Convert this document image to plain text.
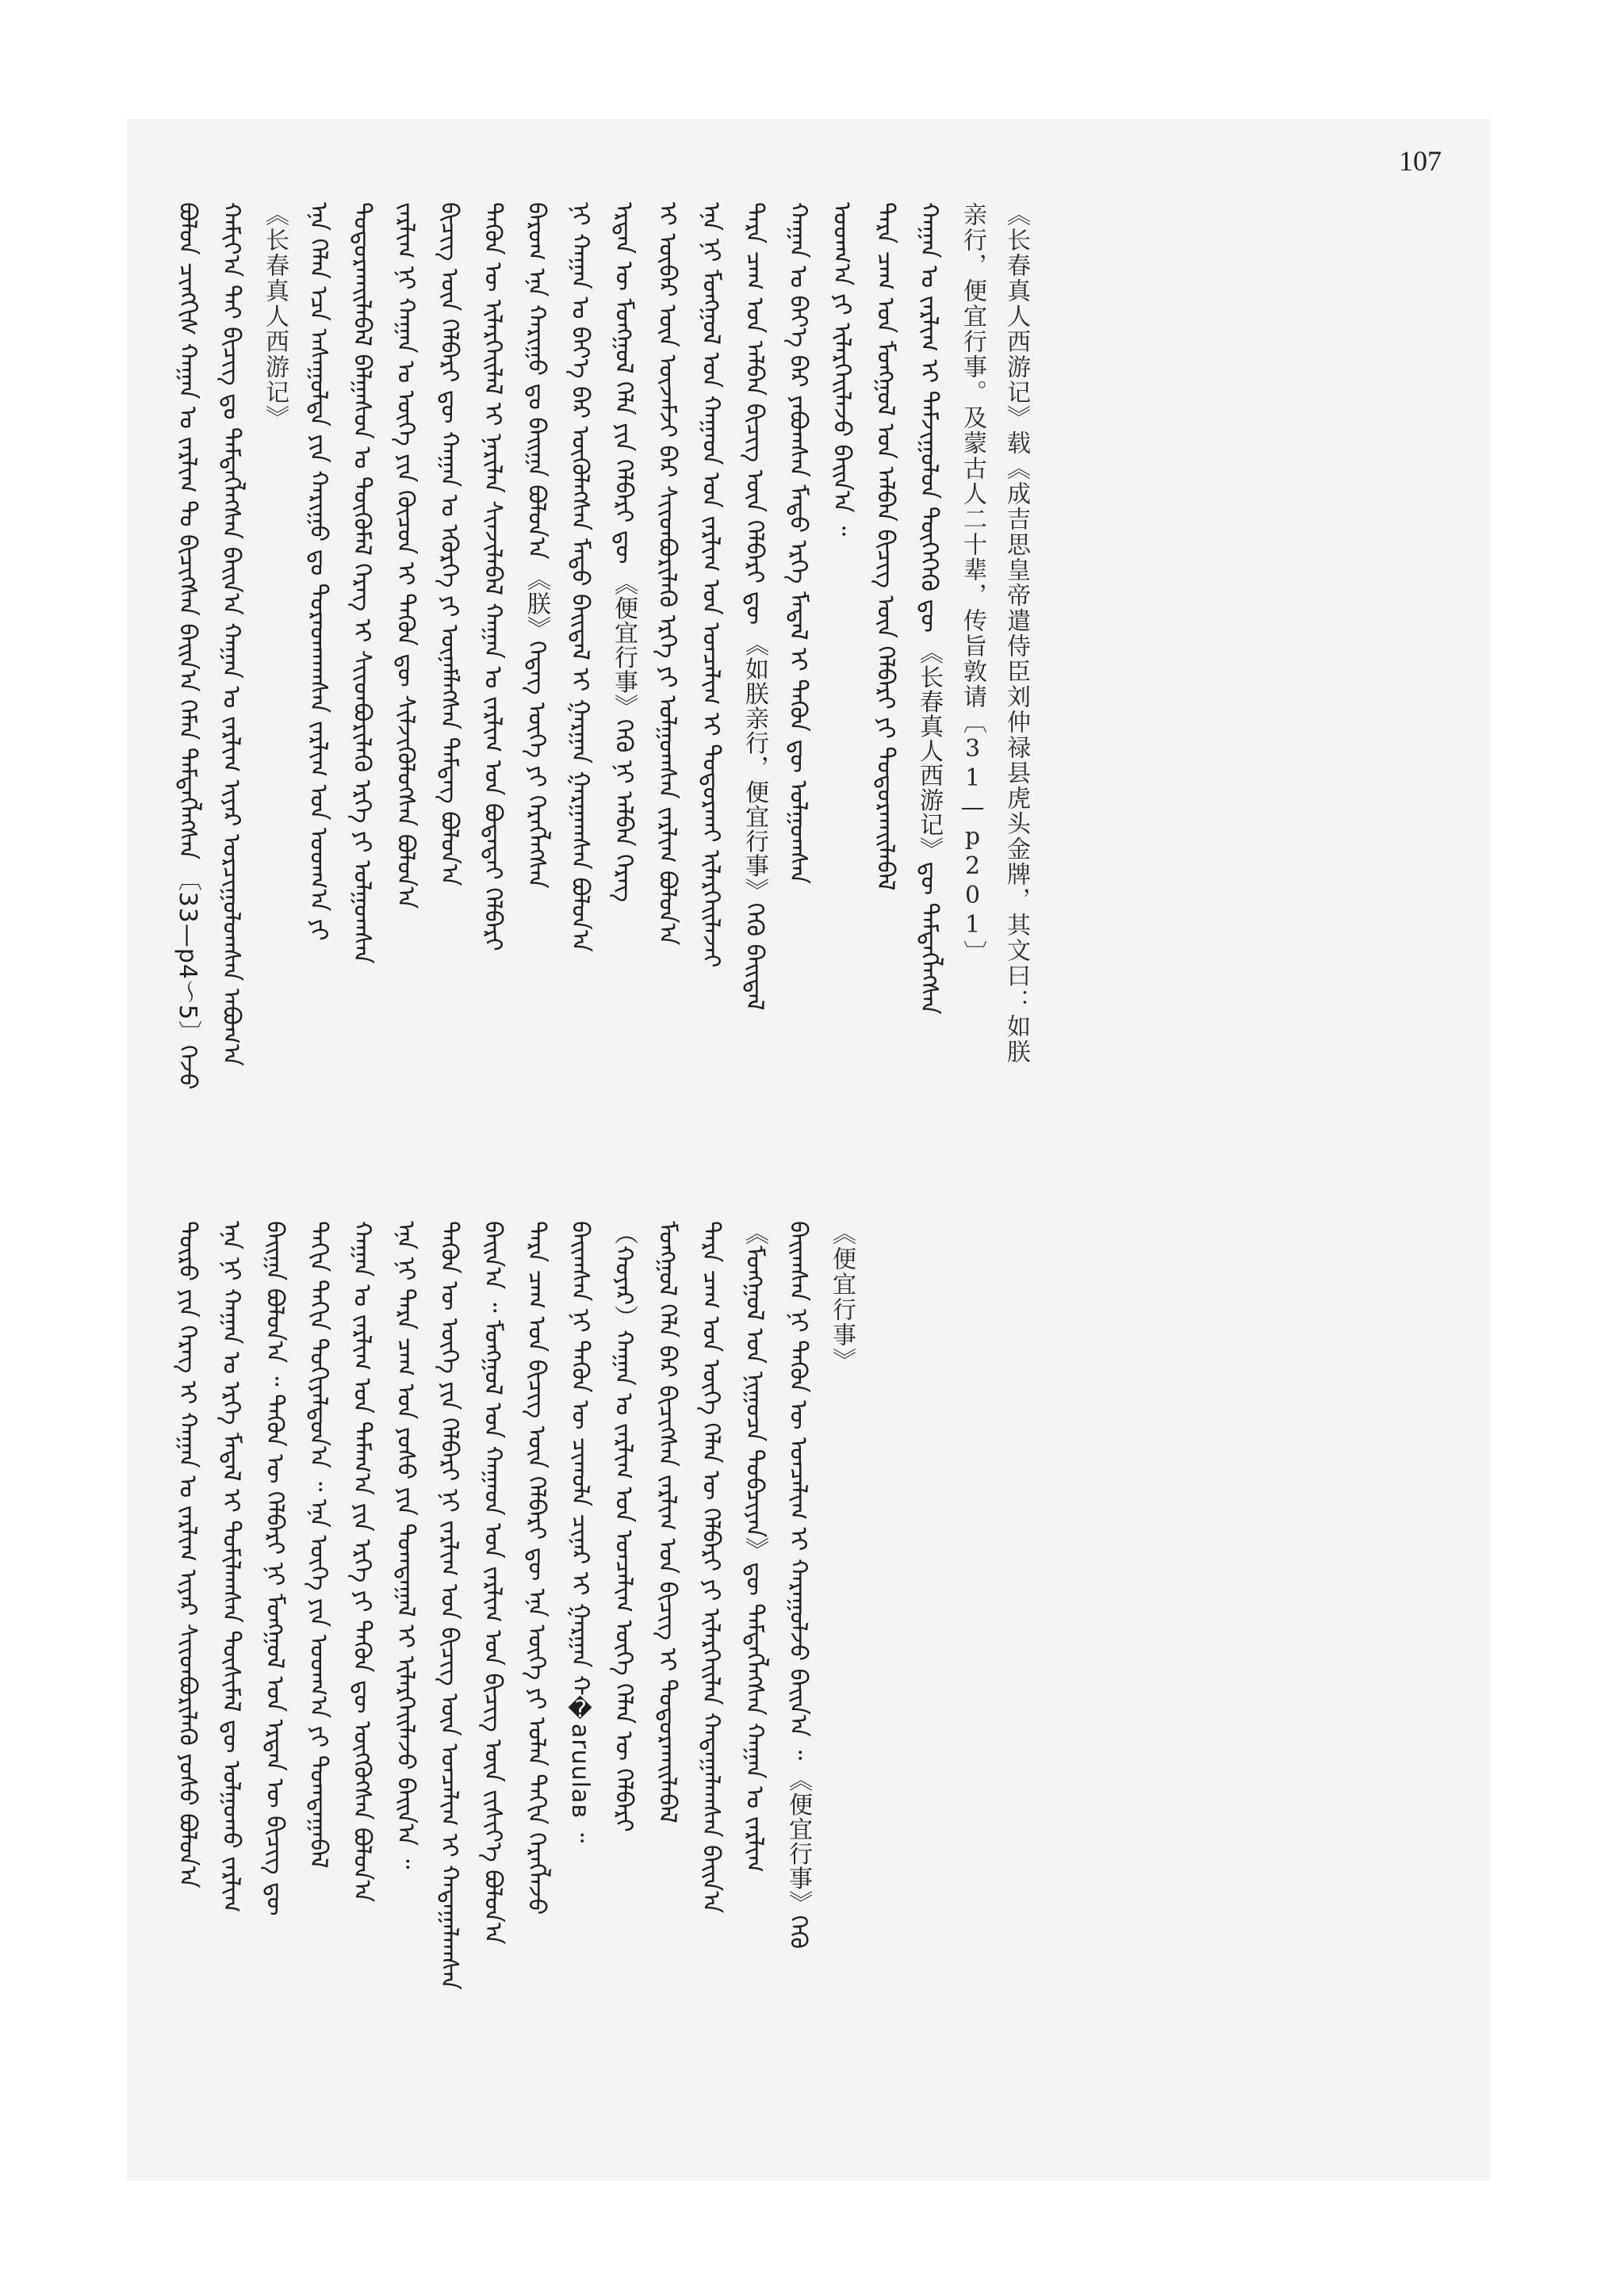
107
ᠪᠣᠯᠤᠨ ᠴᠢᠩᠭᠢᠰ ᠬᠠᠭᠠᠨ ᠤ ᠵᠠᠷᠯᠢᠭ ᠲᠤ ᠪᠢᠴᠢᠭᠰᠡᠨ ᠪᠠᠢᠨ᠎ᠠ ᠬᠡᠮᠡᠨ ᠲᠡᠮᠳᠡᠭᠯᠡᠭᠰᠡᠨ 〔33—p4～5〕ᠭᠡᠵᠦ ᠬᠠᠮᠢᠶ᠎ᠠ ᠲᠠᠢ ᠪᠢᠴᠢᠭ ᠳᠤ ᠲᠡᠮᠳᠡᠭᠯᠡᠭᠰᠡᠨ ᠪᠠᠢᠨ᠎ᠠ ᠬᠠᠭᠠᠨ ᠤ ᠵᠠᠷᠯᠢᠭ ᠢᠶᠡᠷ ᠣᠷᠴᠢᠭᠤᠯᠤᠭᠰᠠᠨ ᠠᠪᠤᠭ᠎ᠠ 《长春真人西游记》 ᠡᠨᠡ ᠬᠡᠯᠡᠨ ᠡᠴᠡ ᠠᠰᠠᠭᠤᠯᠲᠠ ᠶᠢᠨ ᠬᠠᠷᠢᠭᠤ ᠳᠤ ᠳᠤᠷᠠᠳᠬᠠᠭᠰᠠᠨ ᠵᠠᠷᠯᠢᠭ ᠤᠨ ᠤᠳᠬ᠎ᠠ ᠶᠢ ᠲᠣᠳᠣᠷᠬᠠᠢᠯᠠᠪᠠᠯ ᠪᠠᠯᠭᠠᠰᠤᠨ ᠤ ᠲᠦᠭᠦᠮᠡᠯ ᠬᠡᠷᠡᠭ ᠢ ᠰᠢᠢᠳᠪᠦᠷᠢᠯᠡᠬᠦ ᠡᠷᠬᠡ ᠶᠢ ᠣᠯᠭᠤᠭᠰᠠᠨ ᠵᠠᠷᠯᠢᠭ ᠨᠢ ᠬᠠᠭᠠᠨ ᠤ ᠦᠭᠡ ᠶᠢᠨ ᠬᠦᠴᠦᠨ ᠢ ᠲᠡᠭᠦᠨ ᠳᠦ ᠰᠢᠯᠵᠢᠭᠦᠯᠦᠭᠰᠡᠨ ᠪᠣᠯᠤᠨ᠎ᠠ ᠪᠢᠴᠢᠭ ᠦᠨ ᠬᠡᠯᠪᠡᠷᠢ ᠳᠦ ᠬᠠᠭᠠᠨ ᠤ ᠡᠭᠦᠷᠭᠡ ᠶᠢ ᠦᠨᠡᠮᠯᠡᠭᠰᠡᠨ ᠲᠡᠮᠳᠡᠭ ᠪᠣᠯᠤᠨ᠎ᠠ ᠲᠡᠭᠦᠨ ᠦ ᠢᠯᠡᠷᠬᠡᠢᠯᠡᠯ ᠢ ᠨᠠᠷᠢᠯᠠᠨ ᠰᠢᠨᠵᠢᠯᠡᠪᠡᠯ ᠬᠠᠭᠠᠨ ᠤ ᠵᠠᠷᠯᠢᠭ ᠤᠨ ᠪᠣᠳᠠᠲᠠᠢ ᠬᠡᠯᠪᠡᠷᠢ ᠪᠠᠷᠤᠭ ᠡᠨᠡ ᠬᠠᠷᠢᠭᠤ ᠳᠤ ᠪᠠᠢᠭᠠ ᠪᠣᠯᠤᠨ᠎ᠠ 《朕》ᠭᠡᠳᠡᠭ ᠦᠭᠡ ᠶᠢ ᠬᠡᠷᠡᠭᠯᠡᠭᠰᠡᠨ ᠨᠢ ᠬᠠᠭᠠᠨ ᠤ ᠪᠡᠶ᠎ᠡ ᠪᠡᠷ ᠦᠭᠦᠯᠡᠭᠰᠡᠨ ᠮᠡᠲᠦ ᠪᠠᠢᠳᠠᠯ ᠢ ᠭᠠᠷᠭᠠᠨ ᠭᠠᠷᠭᠠᠭᠰᠠᠨ ᠪᠣᠯᠤᠨ᠎ᠠ ᠡᠷᠲᠡᠨ ᠦ ᠮᠣᠩᠭᠣᠯ ᠬᠡᠯᠡ ᠶᠢᠨ ᠬᠡᠯᠪᠡᠷᠢ ᠳᠦ 《便宜行事》ᠭᠡᠬᠦ ᠨᠢ ᠠᠯᠪᠠᠨ ᠬᠡᠷᠡᠭ ᠢ ᠥᠪᠡᠷ ᠦᠨ ᠦᠵᠡᠮᠵᠢ ᠪᠡᠷ ᠰᠢᠢᠳᠪᠦᠷᠢᠯᠡᠬᠦ ᠡᠷᠬᠡ ᠶᠢ ᠣᠯᠭᠤᠭᠰᠠᠨ ᠵᠠᠷᠯᠢᠭ ᠪᠣᠯᠤᠨ᠎ᠠ ᠡᠨᠡ ᠨᠢ ᠮᠣᠩᠭᠣᠯ ᠤᠨ ᠬᠠᠭᠠᠳ ᠤᠨ ᠵᠠᠷᠯᠢᠭ ᠤᠨ ᠣᠨᠴᠠᠯᠢᠭ ᠢ ᠲᠣᠳᠣᠷᠬᠠᠢ ᠢᠯᠡᠷᠬᠡᠢᠯᠡᠵᠡᠢ ᠲᠡᠷᠡ ᠴᠠᠭ ᠤᠨ ᠠᠯᠪᠠᠨ ᠪᠢᠴᠢᠭ ᠦᠨ ᠬᠡᠯᠪᠡᠷᠢ ᠳᠦ 《如朕亲行，便宜行事》ᠭᠡᠬᠦ ᠪᠠᠢᠳᠠᠯ ᠬᠠᠭᠠᠨ ᠤ ᠪᠡᠶ᠎ᠡ ᠪᠡᠷ ᠶᠠᠪᠤᠭᠰᠠᠨ ᠮᠡᠲᠦ ᠡᠷᠬᠡ ᠮᠡᠳᠡᠯ ᠢ ᠲᠡᠭᠦᠨ ᠳᠦ ᠣᠯᠭᠤᠭᠰᠠᠨ ᠤᠳᠬ᠎ᠠ ᠶᠢ ᠢᠯᠡᠷᠬᠡᠢᠯᠡᠵᠦ ᠪᠠᠢᠨ᠎ᠠ ᠃ ᠲᠡᠷᠡ ᠴᠠᠭ ᠤᠨ ᠮᠣᠩᠭᠣᠯ ᠤᠨ ᠠᠯᠪᠠᠨ ᠪᠢᠴᠢᠭ ᠦᠨ ᠬᠡᠯᠪᠡᠷᠢ ᠶᠢ ᠲᠣᠳᠣᠷᠬᠠᠢᠯᠠᠪᠠᠯ ᠬᠠᠭᠠᠨ ᠤ ᠵᠠᠷᠯᠢᠭ ᠢ ᠳᠠᠮᠵᠢᠭᠤᠯᠤᠨ ᠲᠦᠭᠡᠭᠡᠬᠦ ᠳᠦ 《长春真人西游记》ᠳᠦ ᠲᠡᠮᠳᠡᠭᠯᠡᠭᠰᠡᠨ 亲行，便宜行事。及蒙古人二十辈，传旨敦请〔31—p201〕 《长春真人西游记》载《成吉思皇帝遣侍臣刘仲禄县虎头金牌，其文曰：如朕
ᠲᠦᠷᠦ ᠶᠢᠨ ᠬᠡᠷᠡᠭ ᠢ ᠬᠠᠭᠠᠨ ᠤ ᠵᠠᠷᠯᠢᠭ ᠢᠶᠡᠷ ᠰᠢᠢᠳᠪᠦᠷᠢᠯᠡᠬᠦ ᠶᠣᠰᠤ ᠪᠣᠯᠤᠨ᠎ᠠ ᠡᠨᠡ ᠨᠢ ᠬᠠᠭᠠᠨ ᠤ ᠡᠷᠬᠡ ᠮᠡᠳᠡᠯ ᠢ ᠲᠣᠮᠢᠯᠠᠭᠰᠠᠨ ᠲᠦᠰᠢᠮᠡᠯ ᠳᠦ ᠣᠯᠭᠤᠬᠤ ᠵᠠᠷᠯᠢᠭ ᠪᠠᠢᠭᠠ ᠪᠣᠯᠤᠨ᠎ᠠ ᠃ ᠲᠡᠭᠦᠨ ᠦ ᠬᠡᠯᠪᠡᠷᠢ ᠨᠢ ᠮᠣᠩᠭᠣᠯ ᠤᠨ ᠡᠷᠲᠡᠨ ᠦ ᠪᠢᠴᠢᠭ ᠳᠦ ᠳᠠᠬᠢᠨ ᠳᠠᠬᠢᠨ ᠲᠣᠬᠢᠶᠠᠯᠳᠤᠨ᠎ᠠ ᠃ ᠡᠨᠡ ᠦᠭᠡ ᠶᠢᠨ ᠤᠳᠬ᠎ᠠ ᠶᠢ ᠲᠣᠭᠲᠠᠭᠠᠪᠠᠯ ᠬᠠᠭᠠᠨ ᠤ ᠵᠠᠷᠯᠢᠭ ᠤᠨ ᠲᠠᠮᠠᠭ᠎ᠠ ᠶᠢᠨ ᠡᠷᠬᠡ ᠶᠢ ᠲᠡᠭᠦᠨ ᠳᠦ ᠥᠭᠭᠦᠭᠰᠡᠨ ᠪᠣᠯᠤᠨ᠎ᠠ ᠡᠨᠡ ᠨᠢ ᠲᠡᠷᠡ ᠴᠠᠭ ᠤᠨ ᠶᠣᠰᠤ ᠶᠢᠨ ᠲᠣᠭᠲᠠᠭᠠᠯ ᠢ ᠢᠯᠡᠷᠬᠡᠢᠯᠡᠵᠦ ᠪᠠᠢᠨ᠎ᠠ ᠃ ᠲᠡᠭᠦᠨ ᠦ ᠦᠭᠡ ᠶᠢᠨ ᠬᠡᠯᠪᠡᠷᠢ ᠨᠢ ᠵᠠᠷᠯᠢᠭ ᠤᠨ ᠪᠢᠴᠢᠭ ᠦᠨ ᠣᠨᠴᠠᠯᠢᠭ ᠢ ᠬᠠᠳᠠᠭᠠᠯᠠᠭᠰᠠᠨ ᠪᠠᠢᠨ᠎ᠠ ᠃ ᠮᠣᠩᠭᠣᠯ ᠤᠨ ᠬᠠᠭᠠᠳ ᠤᠨ ᠵᠠᠷᠯᠢᠭ ᠤᠨ ᠪᠢᠴᠢᠭ ᠦᠨ ᠵᠢᠱᠢᠶ᠎ᠡ ᠪᠣᠯᠤᠨ᠎ᠠ ᠲᠡᠷᠡ ᠴᠠᠭ ᠤᠨ ᠪᠢᠴᠢᠭ ᠦᠨ ᠬᠡᠯᠪᠡᠷᠢ ᠳᠦ ᠡᠨᠡ ᠦᠭᠡ ᠶᠢ ᠣᠯᠠᠨ ᠳᠠᠬᠢᠨ ᠬᠡᠷᠡᠭᠯᠡᠵᠦ ᠪᠠᠢᠭᠰᠠᠨ ᠨᠢ ᠲᠡᠭᠦᠨ ᠦ ᠴᠢᠬᠤᠯᠠ ᠴᠢᠨᠠᠷ ᠢ ᠭᠠᠷᠭᠠᠨ ᠬ�aruulaв ᠃ （ᠬᠣᠶᠠᠷ）ᠬᠠᠭᠠᠨ ᠤ ᠵᠠᠷᠯᠢᠭ ᠤᠨ ᠣᠨᠴᠠᠯᠢᠭ ᠦᠭᠡ ᠬᠡᠯᠡᠨ ᠦ ᠬᠡᠯᠪᠡᠷᠢ ᠮᠣᠩᠭᠣᠯ ᠬᠡᠯᠡ ᠪᠡᠷ ᠪᠢᠴᠢᠭᠰᠡᠨ ᠵᠠᠷᠯᠢᠭ ᠤᠨ ᠪᠢᠴᠢᠭ ᠢ ᠲᠣᠳᠣᠷᠬᠠᠢᠯᠠᠪᠠᠯ ᠲᠡᠷᠡ ᠴᠠᠭ ᠤᠨ ᠦᠭᠡ ᠬᠡᠯᠡᠨ ᠦ ᠬᠡᠯᠪᠡᠷᠢ ᠶᠢ ᠢᠯᠡᠷᠬᠡᠢᠯᠡᠨ ᠬᠠᠳᠠᠭᠠᠯᠠᠭᠰᠠᠨ ᠪᠠᠢᠨ᠎ᠠ 《ᠮᠣᠩᠭᠣᠯ ᠤᠨ ᠨᠢᠭᠤᠴᠠ ᠲᠣᠪᠴᠢᠶᠠᠨ》ᠳᠦ ᠲᠡᠮᠳᠡᠭᠯᠡᠭᠰᠡᠨ ᠬᠠᠭᠠᠨ ᠤ ᠵᠠᠷᠯᠢᠭ ᠪᠠᠢᠭᠰᠠᠨ ᠨᠢ ᠲᠡᠭᠦᠨ ᠦ ᠣᠨᠴᠠᠯᠢᠭ ᠢ ᠬᠠᠷᠠᠭᠤᠯᠵᠤ ᠪᠠᠢᠨ᠎ᠠ ᠃ 《便宜行事》ᠭᠡᠬᠦ 《便宜行事》
